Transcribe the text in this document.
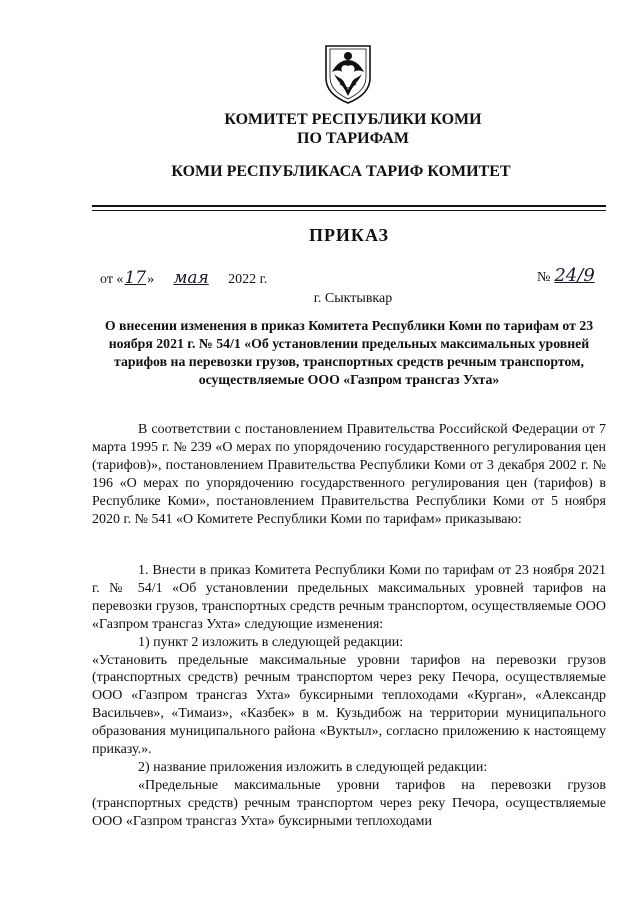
КОМИТЕТ РЕСПУБЛИКИ КОМИ
ПО ТАРИФАМ
КОМИ РЕСПУБЛИКАСА ТАРИФ КОМИТЕТ
ПРИКАЗ
от «17» мая 2022 г.	№ 24/9
г. Сыктывкар
О внесении изменения в приказ Комитета Республики Коми по тарифам от 23 ноября 2021 г. № 54/1 «Об установлении предельных максимальных уровней тарифов на перевозки грузов, транспортных средств речным транспортом, осуществляемые ООО «Газпром трансгаз Ухта»

В соответствии с постановлением Правительства Российской Федерации от 7 марта 1995 г. № 239 «О мерах по упорядочению государственного регулирования цен (тарифов)», постановлением Правительства Республики Коми от 3 декабря 2002 г. № 196 «О мерах по упорядочению государственного регулирования цен (тарифов) в Республике Коми», постановлением Правительства Республики Коми от 5 ноября 2020 г. № 541 «О Комитете Республики Коми по тарифам» приказываю:

1. Внести в приказ Комитета Республики Коми по тарифам от 23 ноября 2021 г. № 54/1 «Об установлении предельных максимальных уровней тарифов на перевозки грузов, транспортных средств речным транспортом, осуществляемые ООО «Газпром трансгаз Ухта» следующие изменения:

1) пункт 2 изложить в следующей редакции:

«Установить предельные максимальные уровни тарифов на перевозки грузов (транспортных средств) речным транспортом через реку Печора, осуществляемые ООО «Газпром трансгаз Ухта» буксирными теплоходами «Курган», «Александр Васильчев», «Тимаиз», «Казбек» в м. Кузьдибож на территории муниципального образования муниципального района «Вуктыл», согласно приложению к настоящему приказу.».

2) название приложения изложить в следующей редакции:

«Предельные максимальные уровни тарифов на перевозки грузов (транспортных средств) речным транспортом через реку Печора, осуществляемые ООО «Газпром трансгаз Ухта» буксирными теплоходами
